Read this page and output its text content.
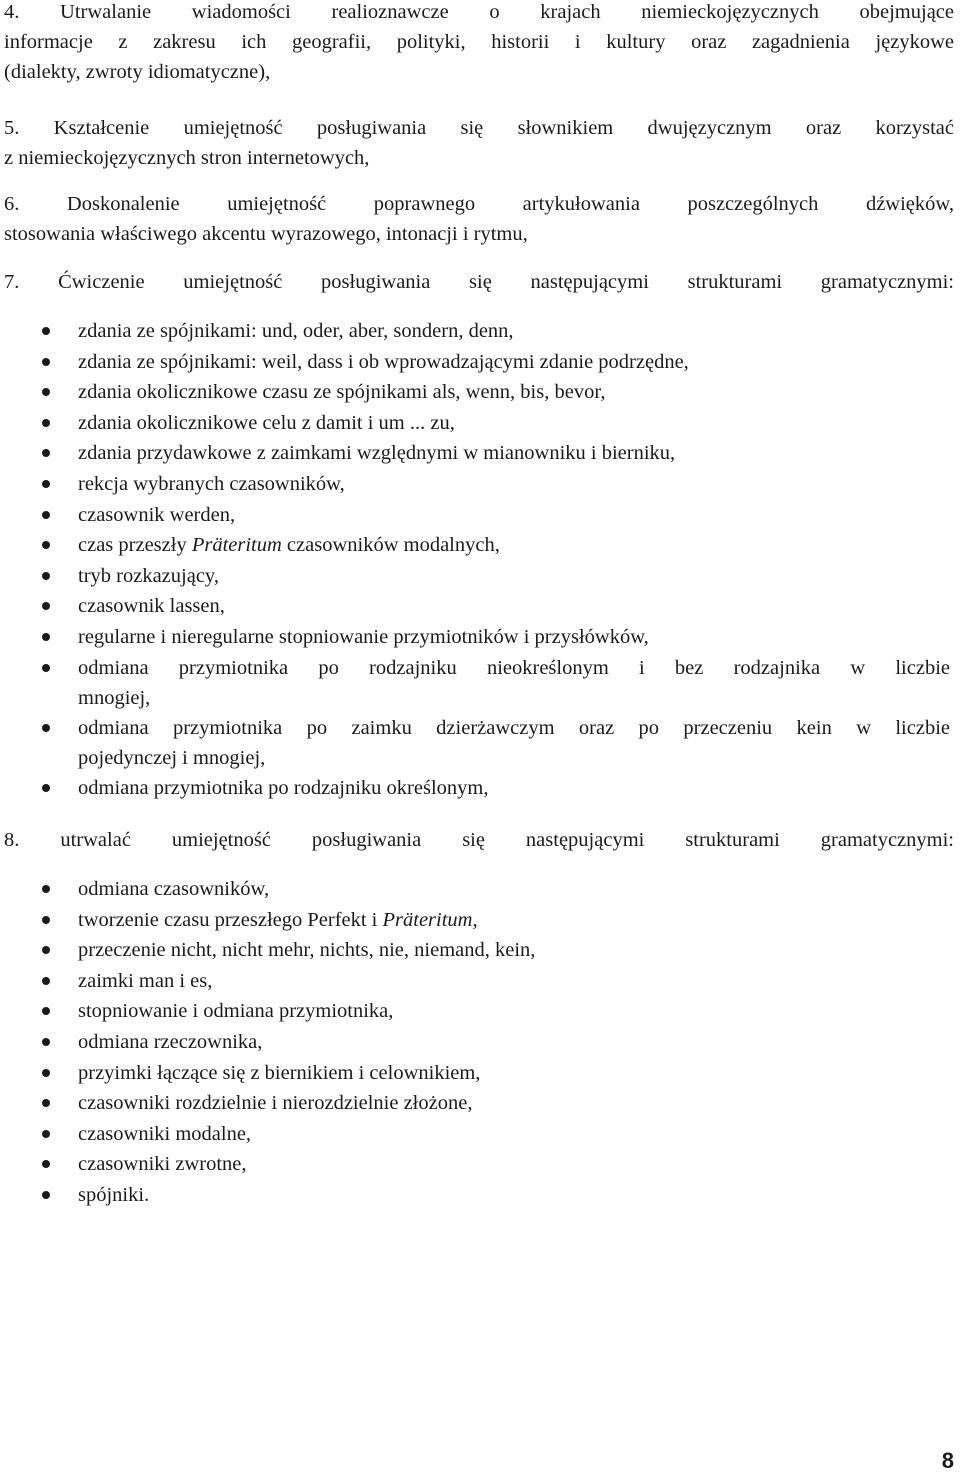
4. Utrwalanie wiadomości realioznawcze o krajach niemieckojęzycznych obejmujące
informacje z zakresu ich geografii, polityki, historii i kultury oraz zagadnienia językowe
(dialekty, zwroty idiomatyczne),
5. Kształcenie umiejętność posługiwania się słownikiem dwujęzycznym oraz korzystać
z niemieckojęzycznych stron internetowych,
6. Doskonalenie umiejętność poprawnego artykułowania poszczególnych dźwięków,
stosowania właściwego akcentu wyrazowego, intonacji i rytmu,
7. Ćwiczenie umiejętność posługiwania się następującymi strukturami gramatycznymi:
zdania ze spójnikami: und, oder, aber, sondern, denn,
zdania ze spójnikami: weil, dass i ob wprowadzającymi zdanie podrzędne,
zdania okolicznikowe czasu ze spójnikami als, wenn, bis, bevor,
zdania okolicznikowe celu z damit i um ... zu,
zdania przydawkowe z zaimkami względnymi w mianowniku i bierniku,
rekcja wybranych czasowników,
czasownik werden,
czas przeszły Präteritum czasowników modalnych,
tryb rozkazujący,
czasownik lassen,
regularne i nieregularne stopniowanie przymiotników i przysłówków,
odmiana przymiotnika po rodzajniku nieokreślonym i bez rodzajnika w liczbie
mnogiej,
odmiana przymiotnika po zaimku dzierżawczym oraz po przeczeniu kein w liczbie
pojedynczej i mnogiej,
odmiana przymiotnika po rodzajniku określonym,
8. utrwalać umiejętność posługiwania się następującymi strukturami gramatycznymi:
odmiana czasowników,
tworzenie czasu przeszłego Perfekt i Präteritum,
przeczenie nicht, nicht mehr, nichts, nie, niemand, kein,
zaimki man i es,
stopniowanie i odmiana przymiotnika,
odmiana rzeczownika,
przyimki łączące się z biernikiem i celownikiem,
czasowniki rozdzielnie i nierozdzielnie złożone,
czasowniki modalne,
czasowniki zwrotne,
spójniki.
8
